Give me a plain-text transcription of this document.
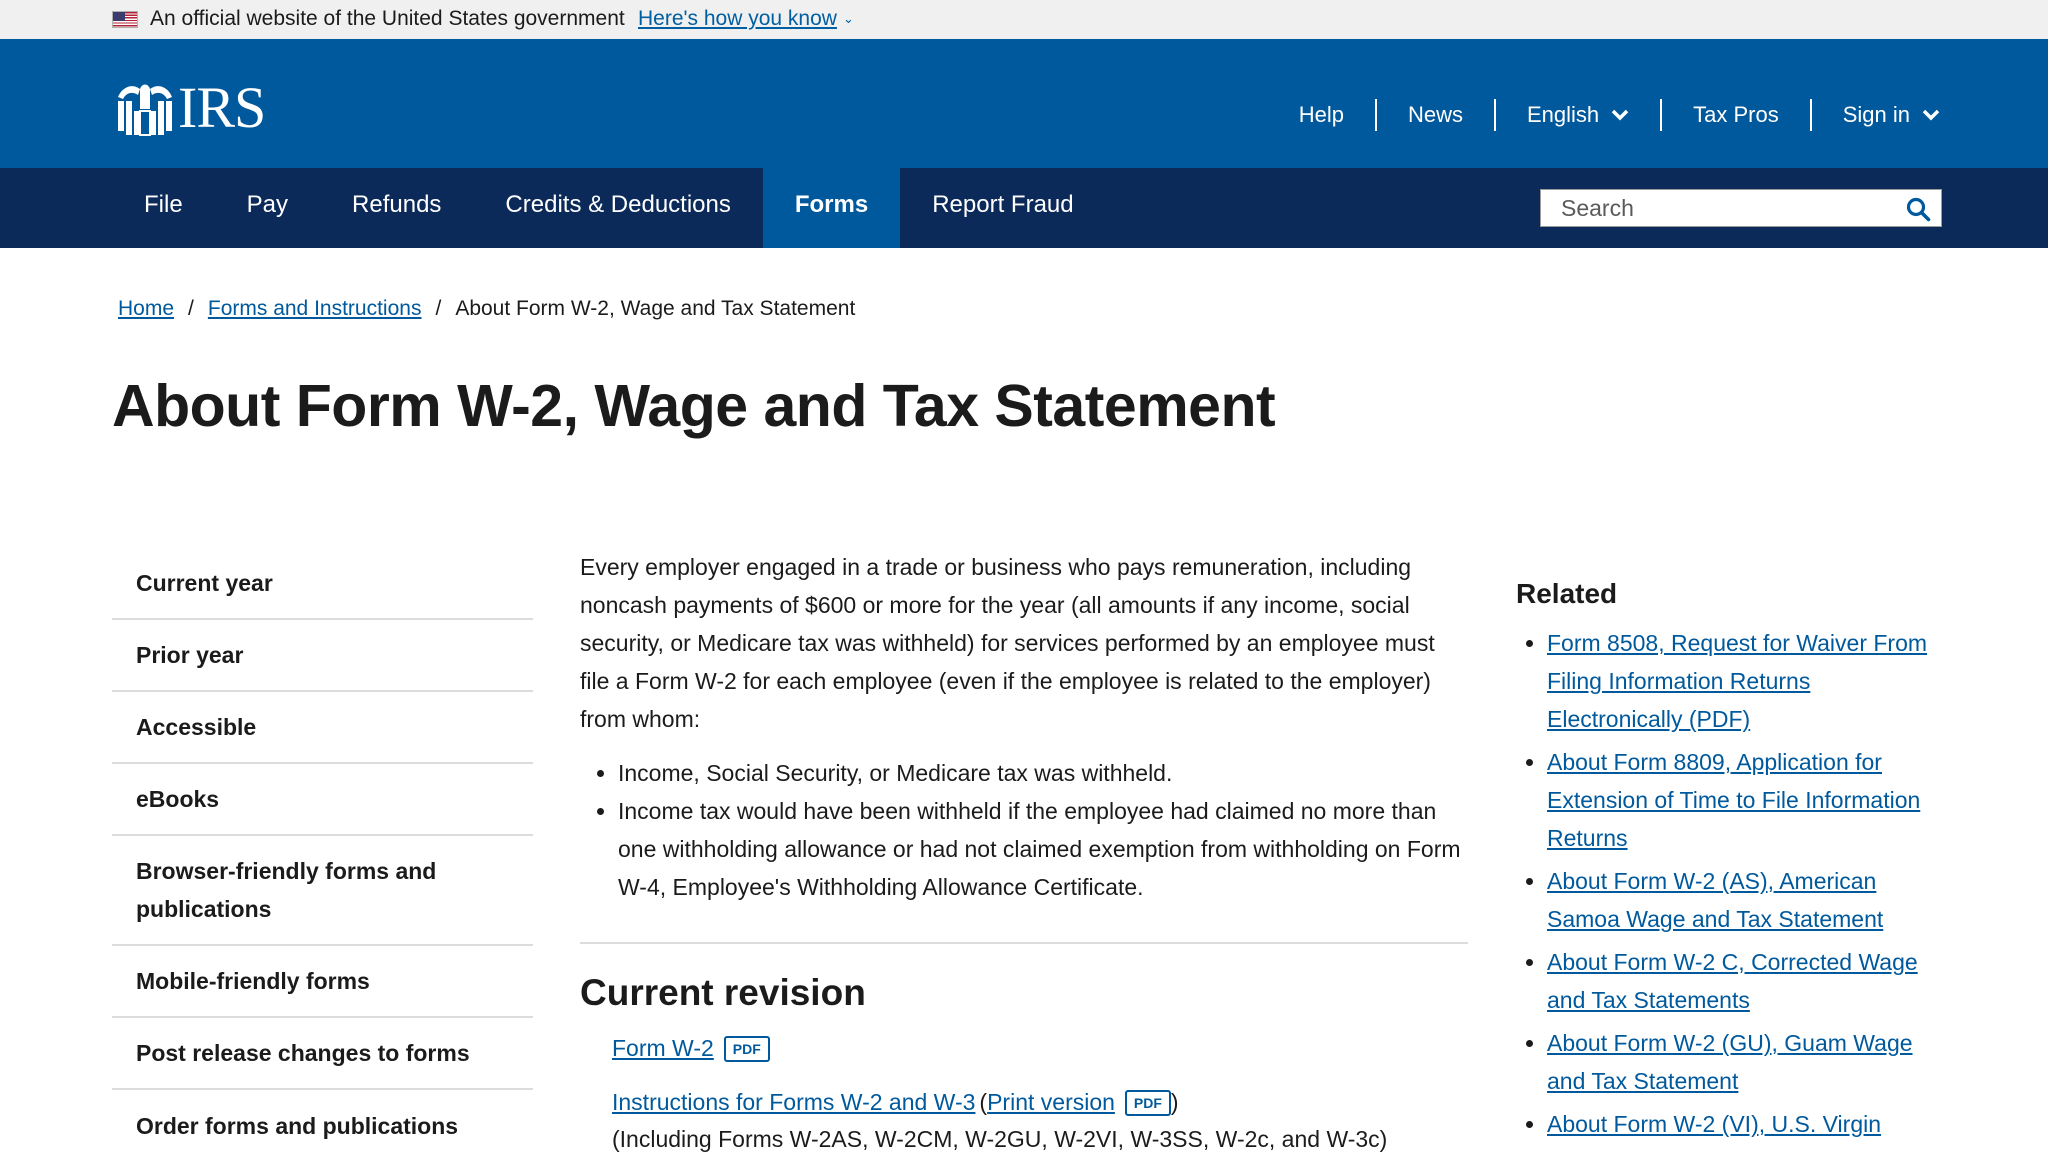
An official website of the United States government Here's how you know ⌄
IRS	Help	News	English	Tax Pros	Sign in
File	Pay	Refunds	Credits & Deductions	Forms	Report Fraud	Search
Home / Forms and Instructions / About Form W-2, Wage and Tax Statement
About Form W-2, Wage and Tax Statement
Current year
Prior year
Accessible
eBooks
Browser-friendly forms and publications
Mobile-friendly forms
Post release changes to forms
Order forms and publications

Every employer engaged in a trade or business who pays remuneration, including noncash payments of $600 or more for the year (all amounts if any income, social security, or Medicare tax was withheld) for services performed by an employee must file a Form W-2 for each employee (even if the employee is related to the employer) from whom:

• Income, Social Security, or Medicare tax was withheld.
• Income tax would have been withheld if the employee had claimed no more than one withholding allowance or had not claimed exemption from withholding on Form W-4, Employee's Withholding Allowance Certificate.
Current revision
Form W-2	PDF
Instructions for Forms W-2 and W-3 ( Print version	PDF )
(Including Forms W-2AS, W-2CM, W-2GU, W-2VI, W-3SS, W-2c, and W-3c)
Related
• Form 8508, Request for Waiver From Filing Information Returns Electronically (PDF)
• About Form 8809, Application for Extension of Time to File Information Returns
• About Form W-2 (AS), American Samoa Wage and Tax Statement
• About Form W-2 C, Corrected Wage and Tax Statements
• About Form W-2 (GU), Guam Wage and Tax Statement
• About Form W-2 (VI), U.S. Virgin
